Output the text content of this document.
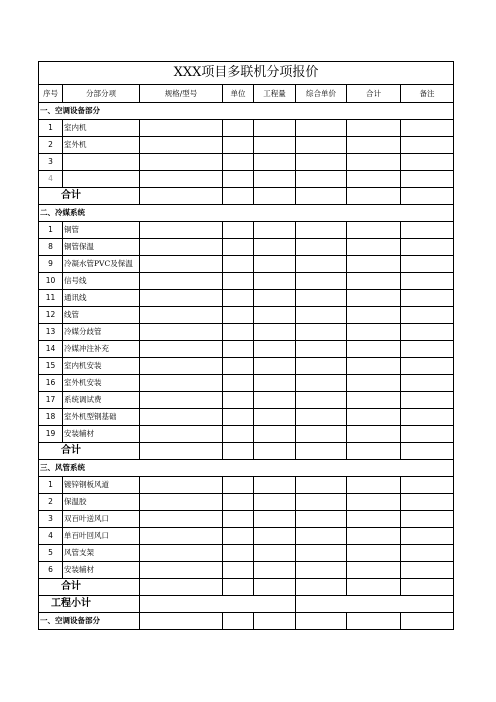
XXX项目多联机分项报价							
序号	分部分项	规格/型号	单位	工程量	综合单价	合计	备注
一、空调设备部分							
1	室内机						
2	室外机						
3							
4							
合计							
二、冷媒系统							
1	铜管						
8	铜管保温						
9	冷凝水管PVC及保温						
10	信号线						
11	通讯线						
12	线管						
13	冷媒分歧管						
14	冷媒冲注补充						
15	室内机安装						
16	室外机安装						
17	系统调试费						
18	室外机型钢基础						
19	安装辅材						
合计							
三、风管系统							
1	镀锌钢板风道						
2	保温胶						
3	双百叶送风口						
4	单百叶回风口						
5	风管支架						
6	安装辅材						
合计							
工程小计							
一、空调设备部分							
